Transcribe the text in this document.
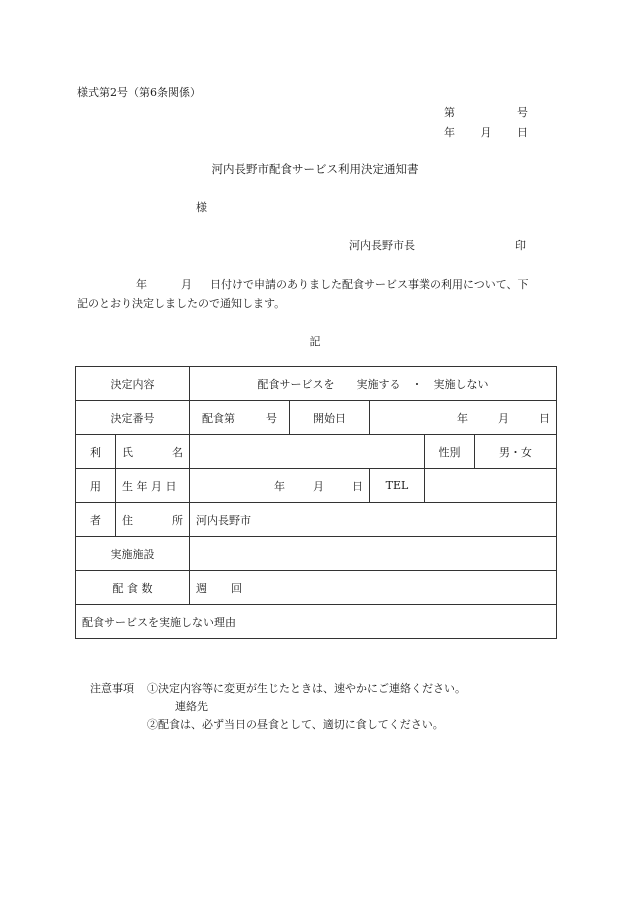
様式第2号（第6条関係）
第	号
年 月 日
河内長野市配食サービス利用決定通知書
様
河内長野市長	印
年	月 日付けで申請のありました配食サービス事業の利用について、下
記のとおり決定しましたので通知します。
記
決定内容		配食サービスを　　実施する　・　実施しない				
決定番号		配食第 号	開始日	年 月 日		

利	氏 名				性別	男・女
用	生 年 月 日	年 月 日		TEL		
者	住 所	河内長野市				
実施施設						
配 食 数		週 回				
配食サービスを実施しない理由						
注意事項 ①決定内容等に変更が生じたときは、速やかにご連絡ください。
連絡先
②配食は、必ず当日の昼食として、適切に食してください。
